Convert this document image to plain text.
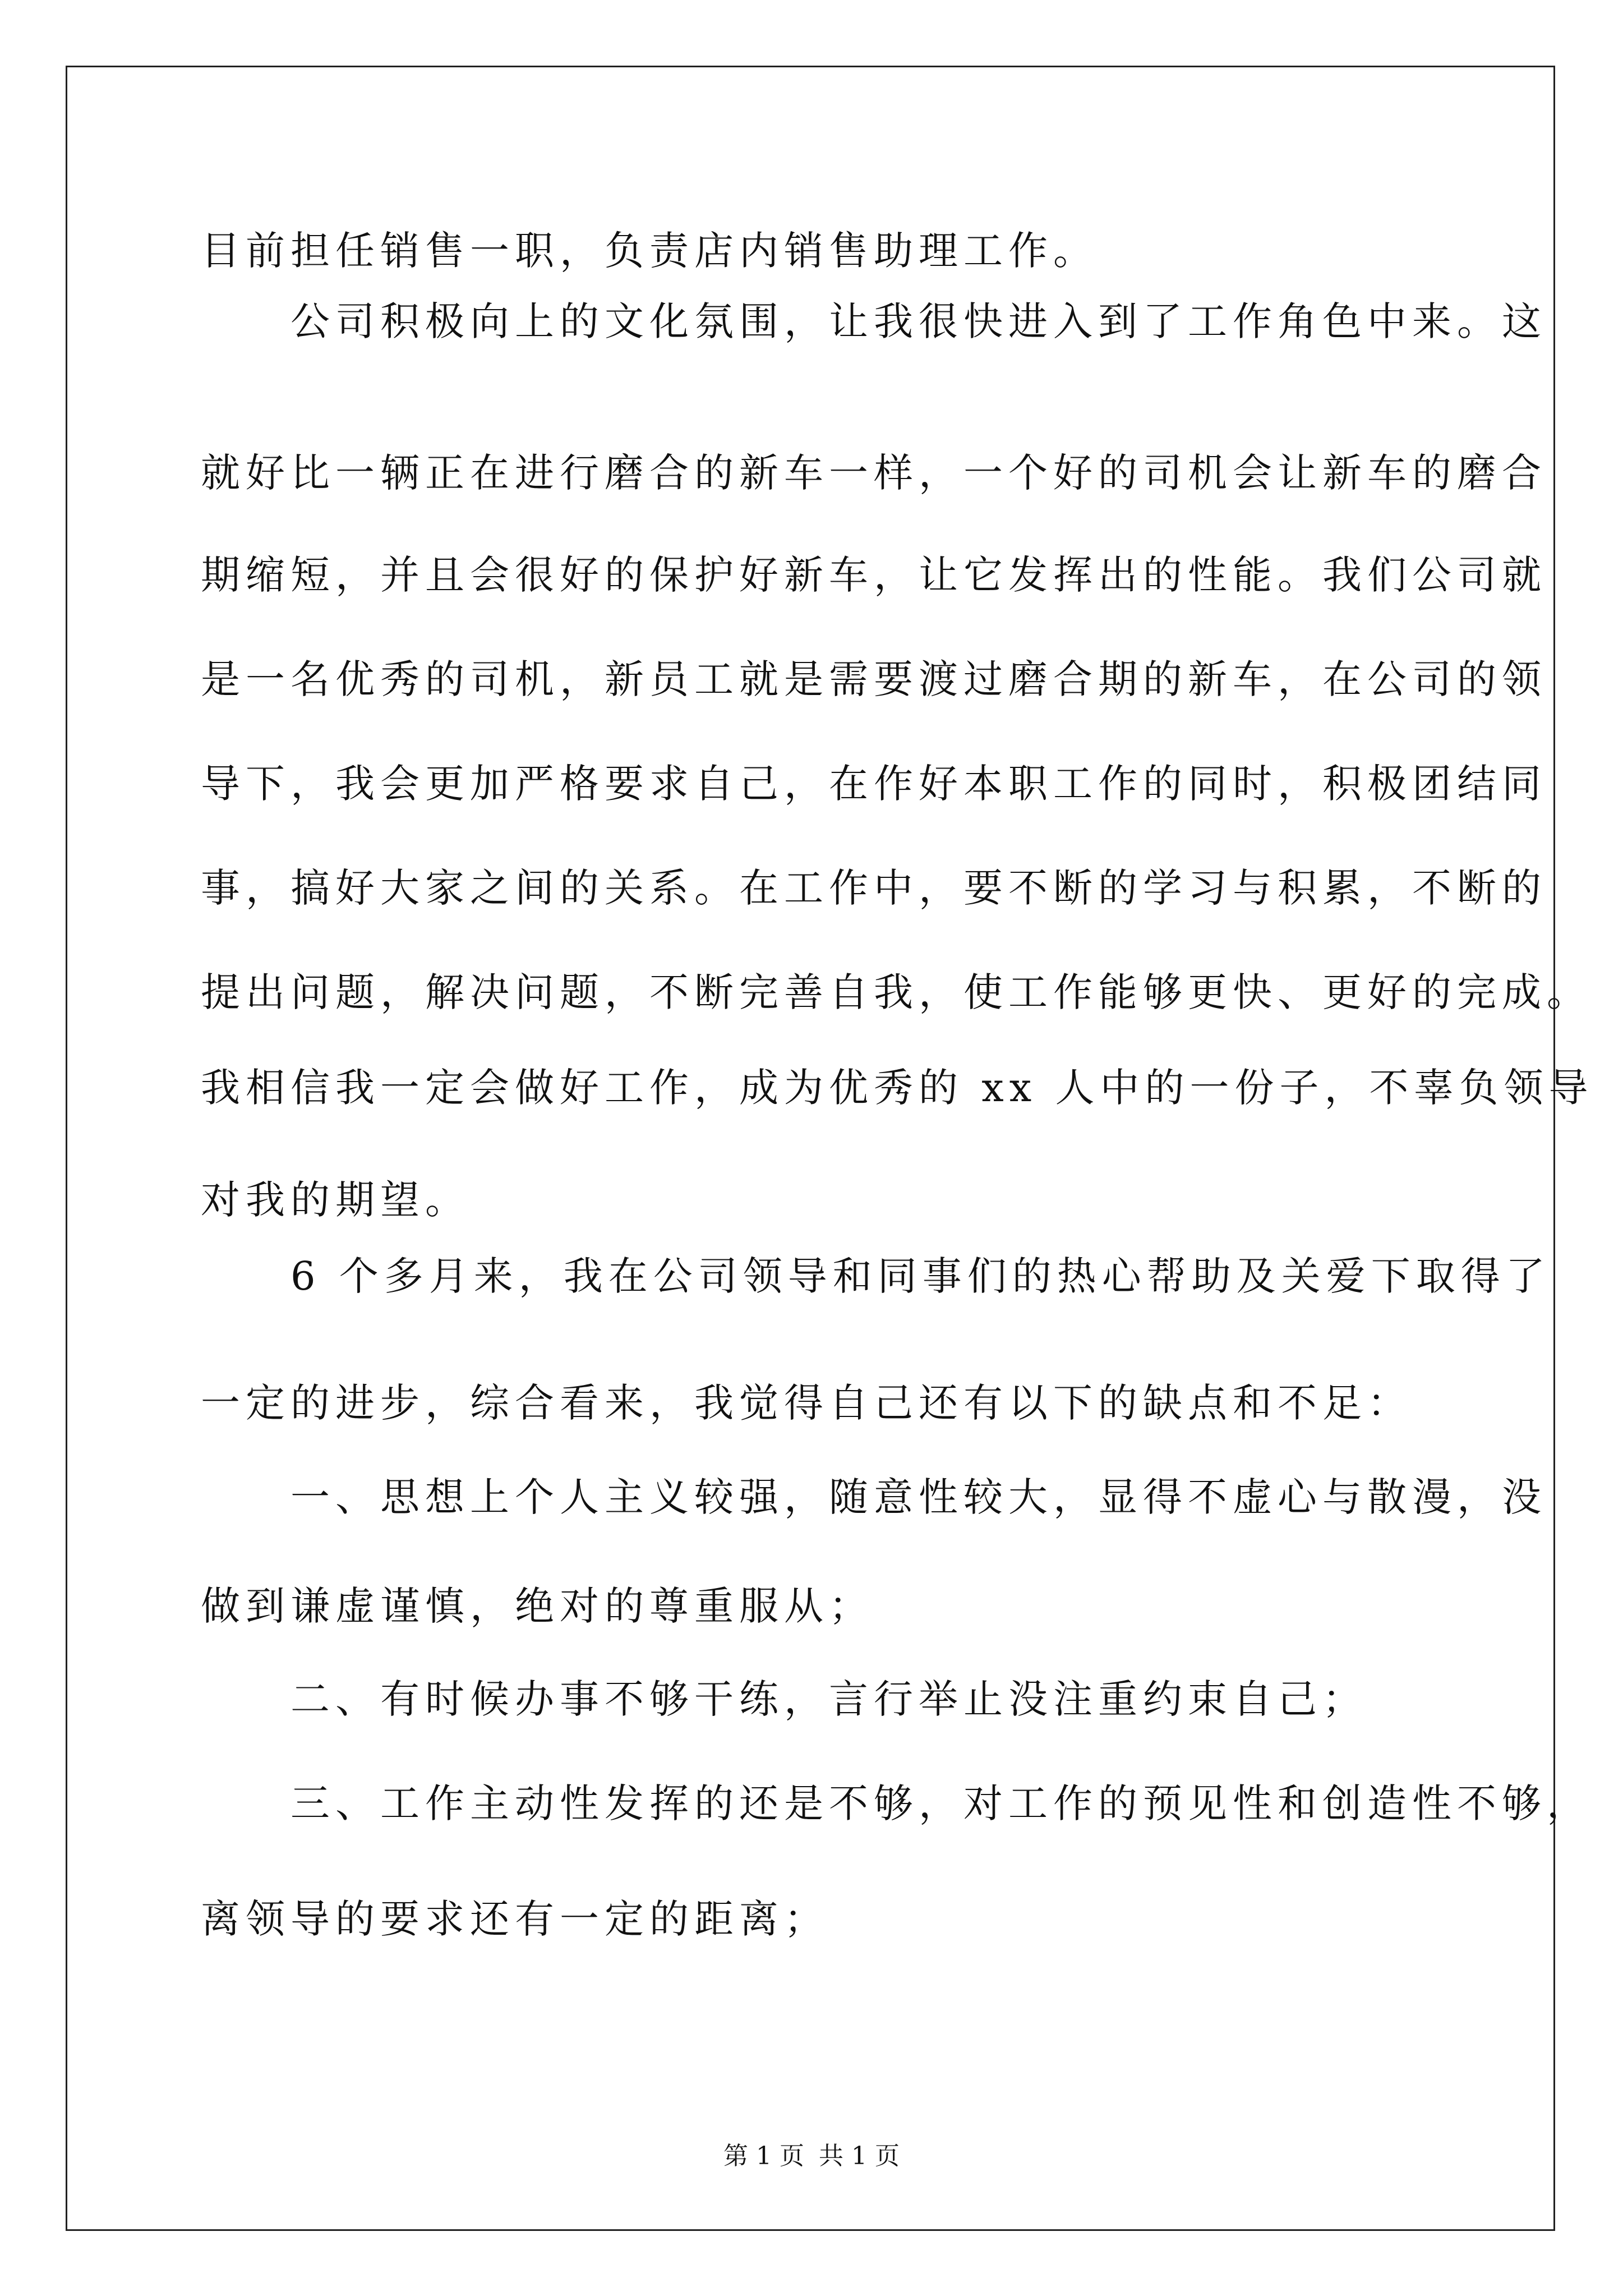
目前担任销售一职，负责店内销售助理工作。
　　公司积极向上的文化氛围，让我很快进入到了工作角色中来。这
就好比一辆正在进行磨合的新车一样，一个好的司机会让新车的磨合
期缩短，并且会很好的保护好新车，让它发挥出的性能。我们公司就
是一名优秀的司机，新员工就是需要渡过磨合期的新车，在公司的领
导下，我会更加严格要求自己，在作好本职工作的同时，积极团结同
事，搞好大家之间的关系。在工作中，要不断的学习与积累，不断的
提出问题，解决问题，不断完善自我，使工作能够更快、更好的完成。
我相信我一定会做好工作，成为优秀的 xx 人中的一份子，不辜负领导
对我的期望。
　　6 个多月来，我在公司领导和同事们的热心帮助及关爱下取得了
一定的进步，综合看来，我觉得自己还有以下的缺点和不足：
　　一、思想上个人主义较强，随意性较大，显得不虚心与散漫，没
做到谦虚谨慎，绝对的尊重服从；
　　二、有时候办事不够干练，言行举止没注重约束自己；
　　三、工作主动性发挥的还是不够，对工作的预见性和创造性不够，
离领导的要求还有一定的距离；
第 1 页 共 1 页
